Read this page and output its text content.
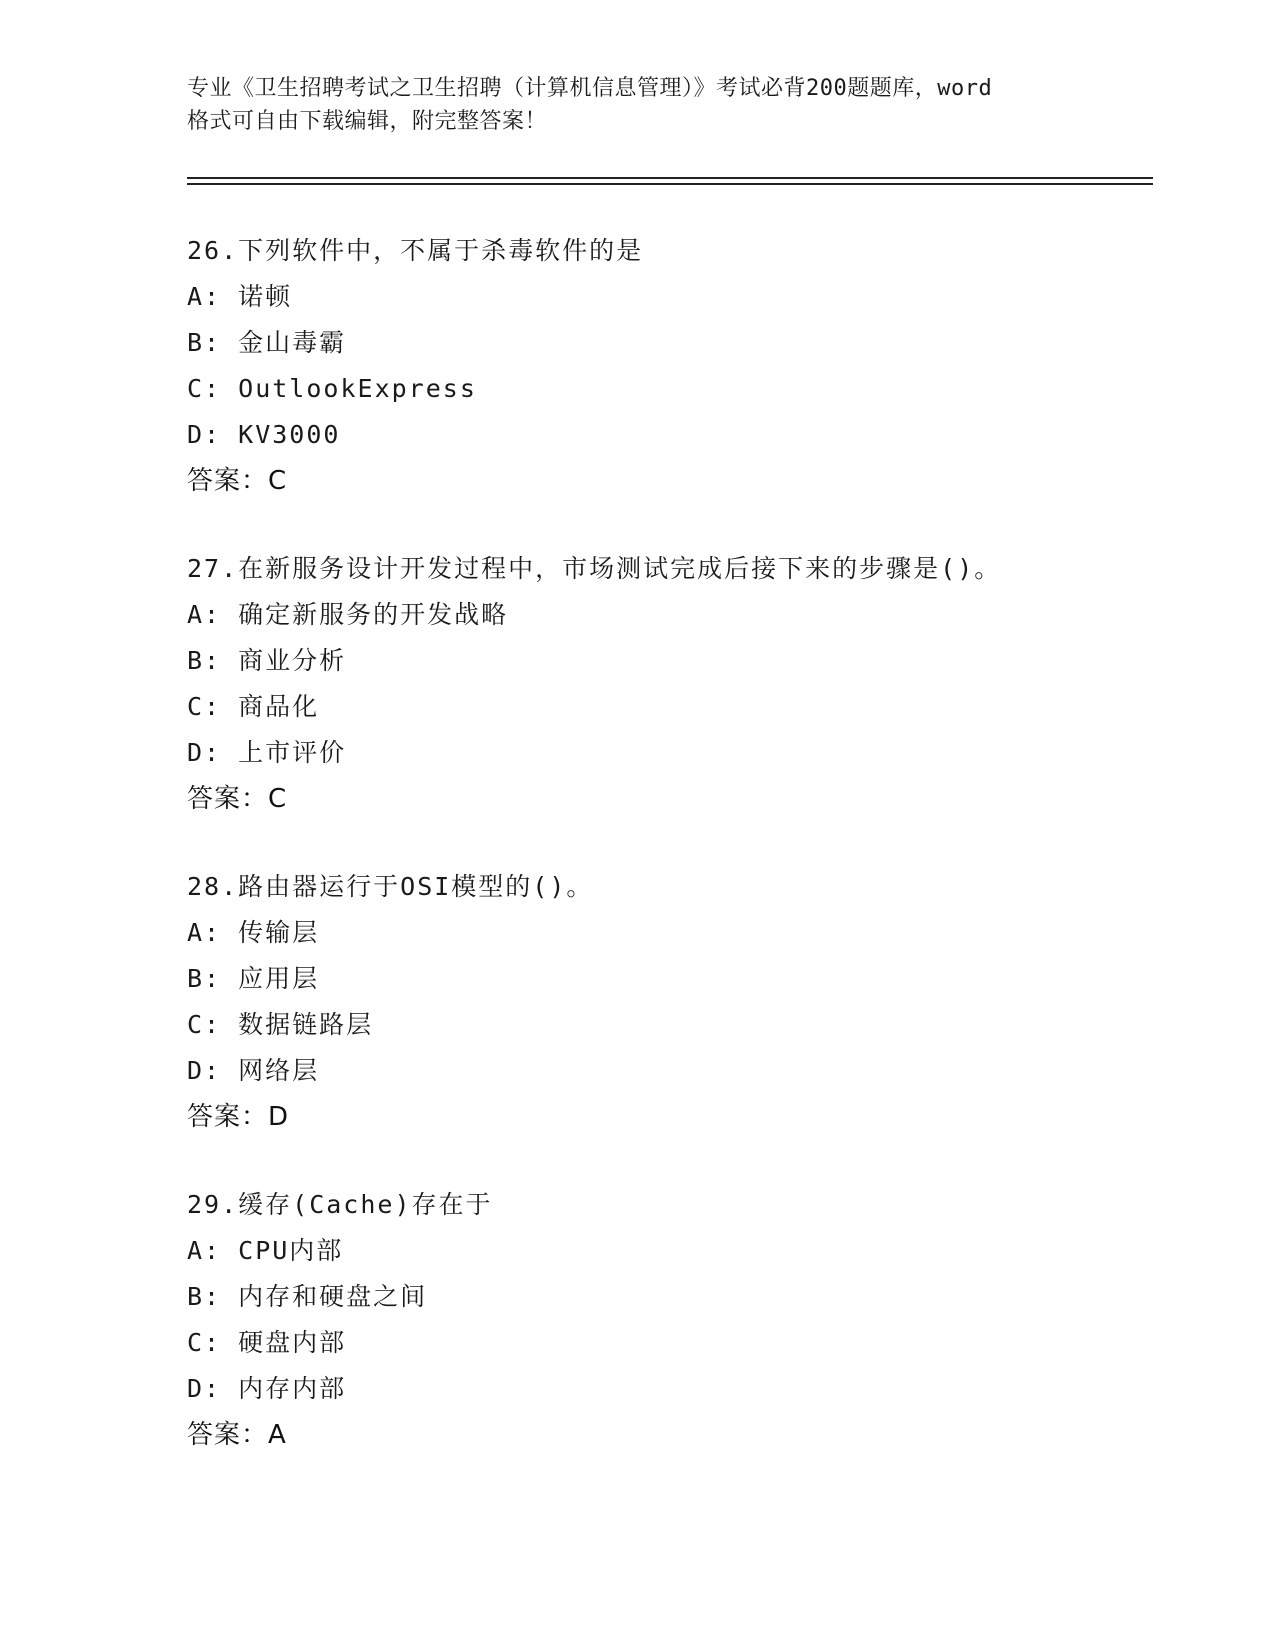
专业《卫生招聘考试之卫生招聘（计算机信息管理）》考试必背200题题库，word
格式可自由下载编辑，附完整答案！
26.下列软件中，不属于杀毒软件的是
A: 诺顿
B: 金山毒霸
C: OutlookExpress
D: KV3000
答案：C
27.在新服务设计开发过程中，市场测试完成后接下来的步骤是()。
A: 确定新服务的开发战略
B: 商业分析
C: 商品化
D: 上市评价
答案：C
28.路由器运行于OSI模型的()。
A: 传输层
B: 应用层
C: 数据链路层
D: 网络层
答案：D
29.缓存(Cache)存在于
A: CPU内部
B: 内存和硬盘之间
C: 硬盘内部
D: 内存内部
答案：A
